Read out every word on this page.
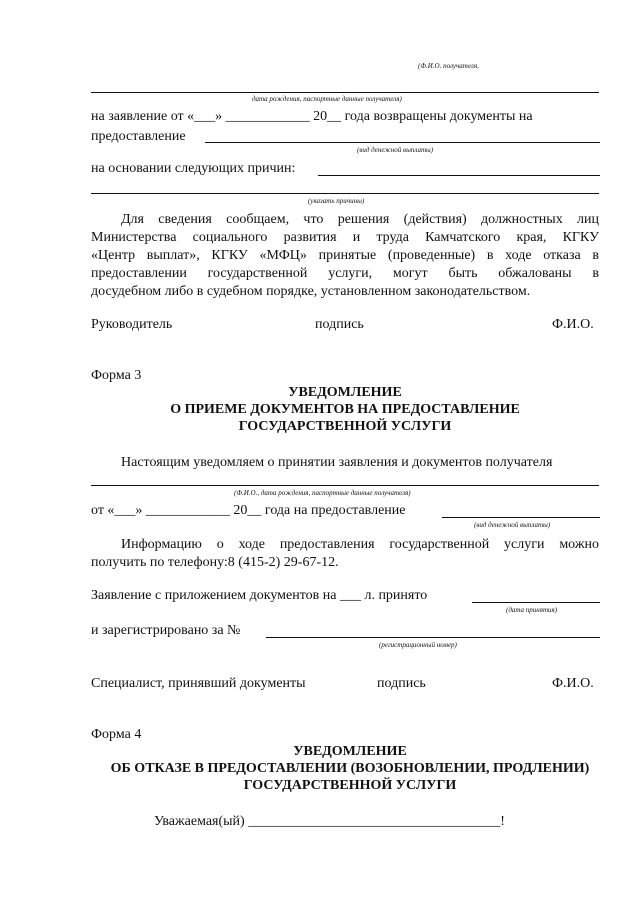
(Ф.И.О. получателя,
дата рождения, паспортные данные получателя)
на заявление от «___» ____________ 20__ года возвращены документы на
предоставление
(вид денежной выплаты)
на основании следующих причин:
(указать причины)
Для сведения сообщаем, что решения (действия) должностных лиц
Министерства социального развития и труда Камчатского края, КГКУ
«Центр выплат», КГКУ «МФЦ» принятые (проведенные) в ходе отказа в
предоставлении государственной услуги, могут быть обжалованы в
досудебном либо в судебном порядке, установленном законодательством.
Руководитель	подпись	Ф.И.О.
Форма 3
УВЕДОМЛЕНИЕ
О ПРИЕМЕ ДОКУМЕНТОВ НА ПРЕДОСТАВЛЕНИЕ
ГОСУДАРСТВЕННОЙ УСЛУГИ
Настоящим уведомляем о принятии заявления и документов получателя
(Ф.И.О., дата рождения, паспортные данные получателя)
от «___» ____________ 20__ года на предоставление
(вид денежной выплаты)
Информацию о ходе предоставления государственной услуги можно
получить по телефону:8 (415-2) 29-67-12.
Заявление с приложением документов на ___ л. принято
(дата принятия)
и зарегистрировано за №
(регистрационный номер)
Специалист, принявший документы	подпись	Ф.И.О.
Форма 4
УВЕДОМЛЕНИЕ
ОБ ОТКАЗЕ В ПРЕДОСТАВЛЕНИИ (ВОЗОБНОВЛЕНИИ, ПРОДЛЕНИИ)
ГОСУДАРСТВЕННОЙ УСЛУГИ
Уважаемая(ый) ____________________________________!
